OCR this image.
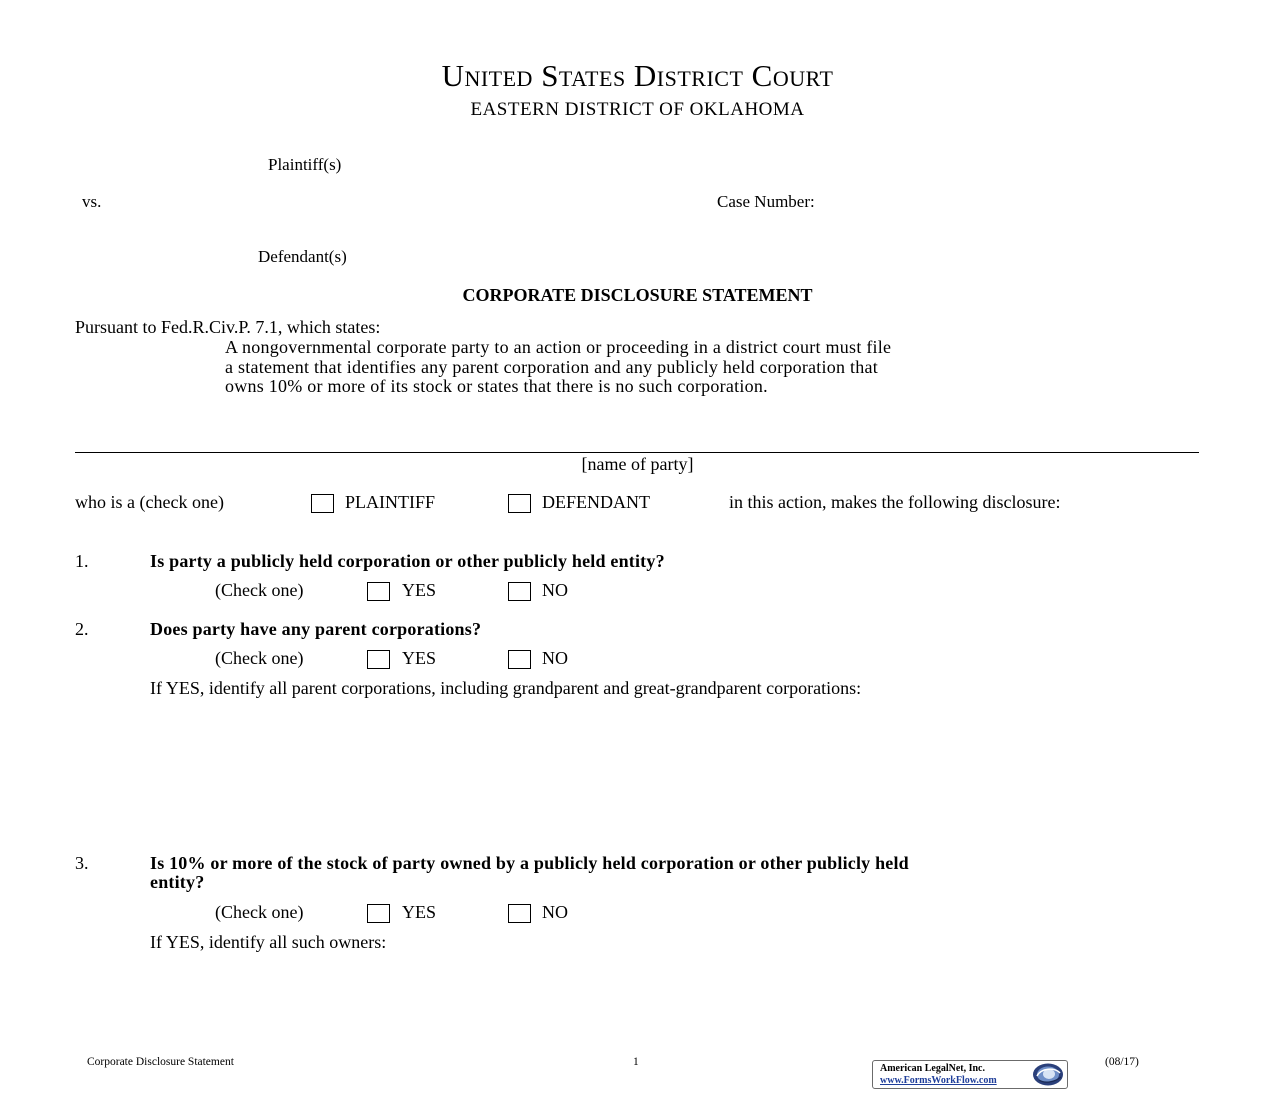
United States District Court
EASTERN DISTRICT OF OKLAHOMA
Plaintiff(s)
vs.	Case Number:
Defendant(s)
CORPORATE DISCLOSURE STATEMENT
Pursuant to Fed.R.Civ.P. 7.1, which states:
A nongovernmental corporate party to an action or proceeding in a district court must file
a statement that identifies any parent corporation and any publicly held corporation that
owns 10% or more of its stock or states that there is no such corporation.
[name of party]
who is a (check one)	PLAINTIFF	DEFENDANT	in this action, makes the following disclosure:
1.	Is party a publicly held corporation or other publicly held entity?
(Check one)	YES	NO
2.	Does party have any parent corporations?
(Check one)	YES	NO
If YES, identify all parent corporations, including grandparent and great-grandparent corporations:
3.	Is 10% or more of the stock of party owned by a publicly held corporation or other publicly held
entity?
(Check one)	YES	NO
If YES, identify all such owners:
Corporate Disclosure Statement	1	(08/17)
American LegalNet, Inc.
www.FormsWorkFlow.com
